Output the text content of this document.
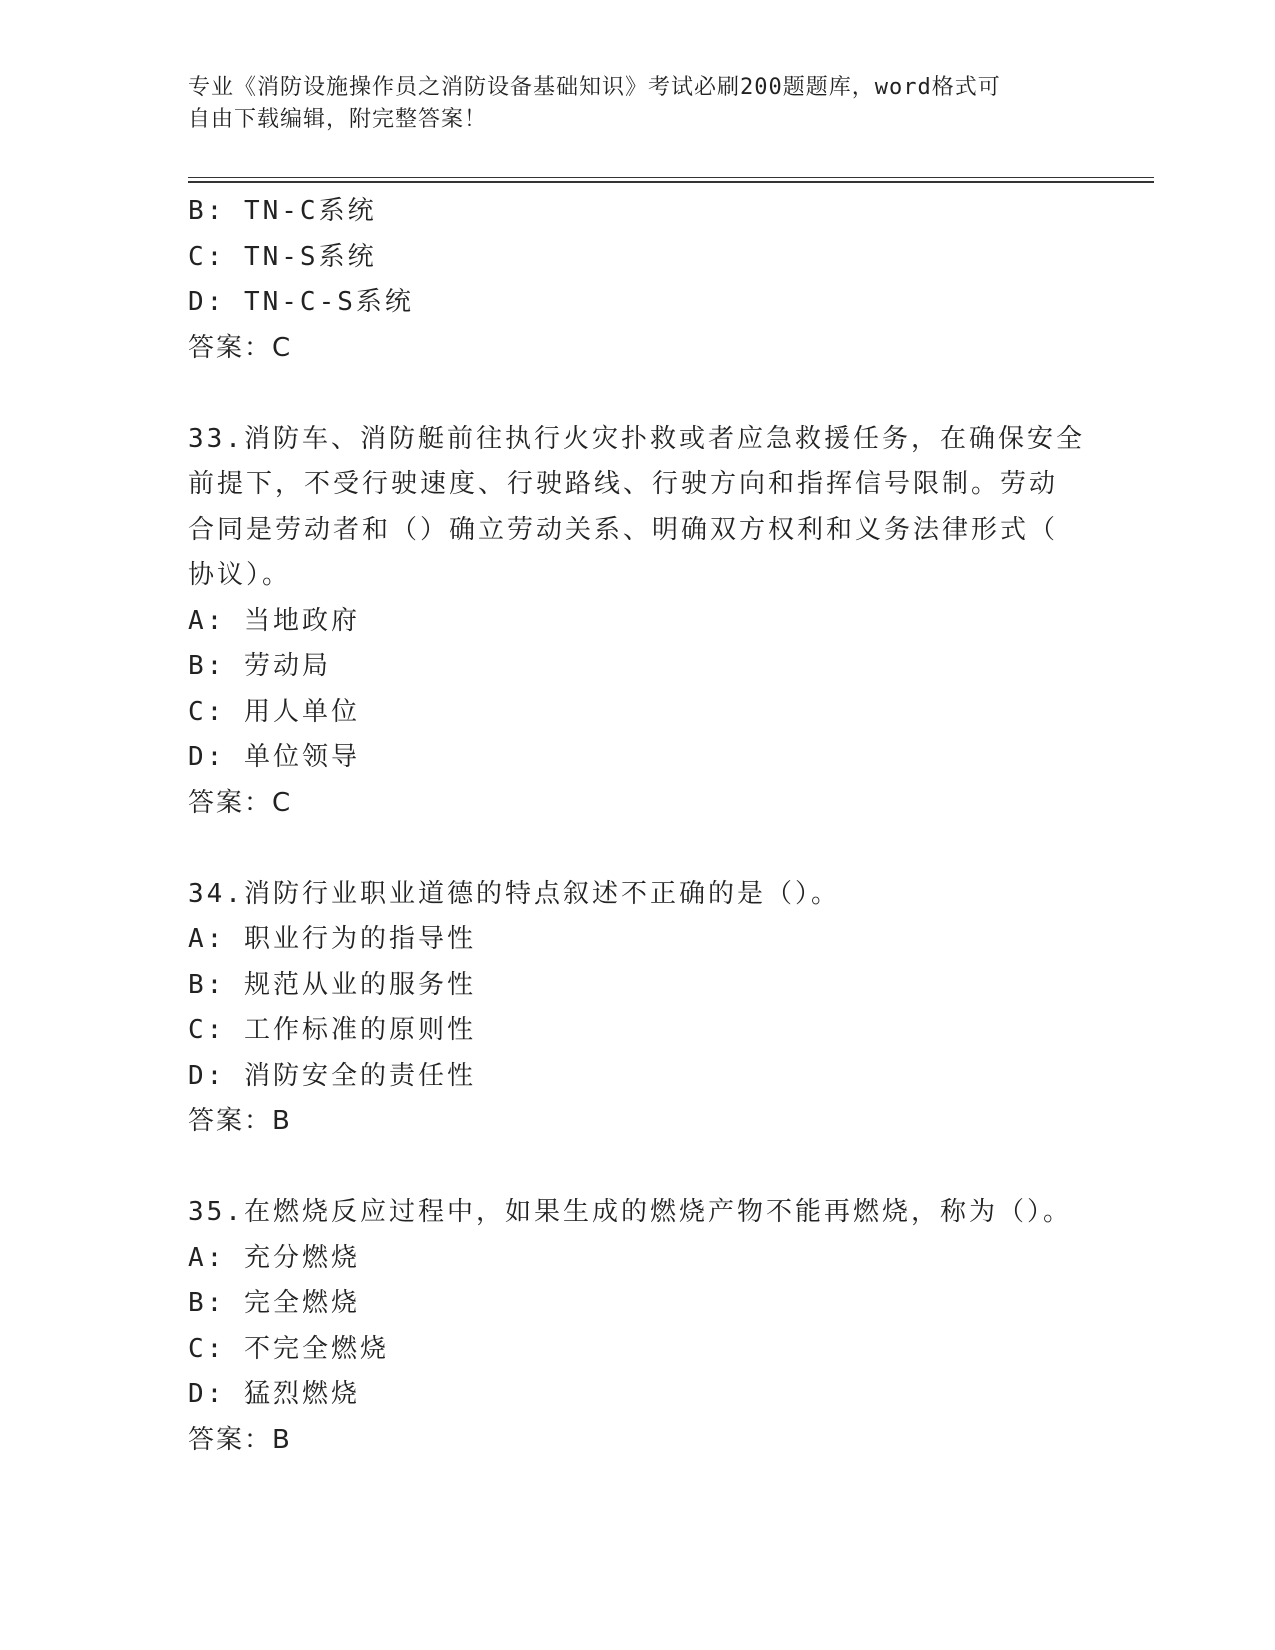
专业《消防设施操作员之消防设备基础知识》考试必刷200题题库，word格式可
自由下载编辑，附完整答案！
B: TN-C系统
C: TN-S系统
D: TN-C-S系统
答案：C
33.消防车、消防艇前往执行火灾扑救或者应急救援任务，在确保安全
前提下，不受行驶速度、行驶路线、行驶方向和指挥信号限制。劳动
合同是劳动者和（）确立劳动关系、明确双方权利和义务法律形式（
协议）。
A: 当地政府
B: 劳动局
C: 用人单位
D: 单位领导
答案：C
34.消防行业职业道德的特点叙述不正确的是（）。
A: 职业行为的指导性
B: 规范从业的服务性
C: 工作标准的原则性
D: 消防安全的责任性
答案：B
35.在燃烧反应过程中，如果生成的燃烧产物不能再燃烧，称为（）。
A: 充分燃烧
B: 完全燃烧
C: 不完全燃烧
D: 猛烈燃烧
答案：B
